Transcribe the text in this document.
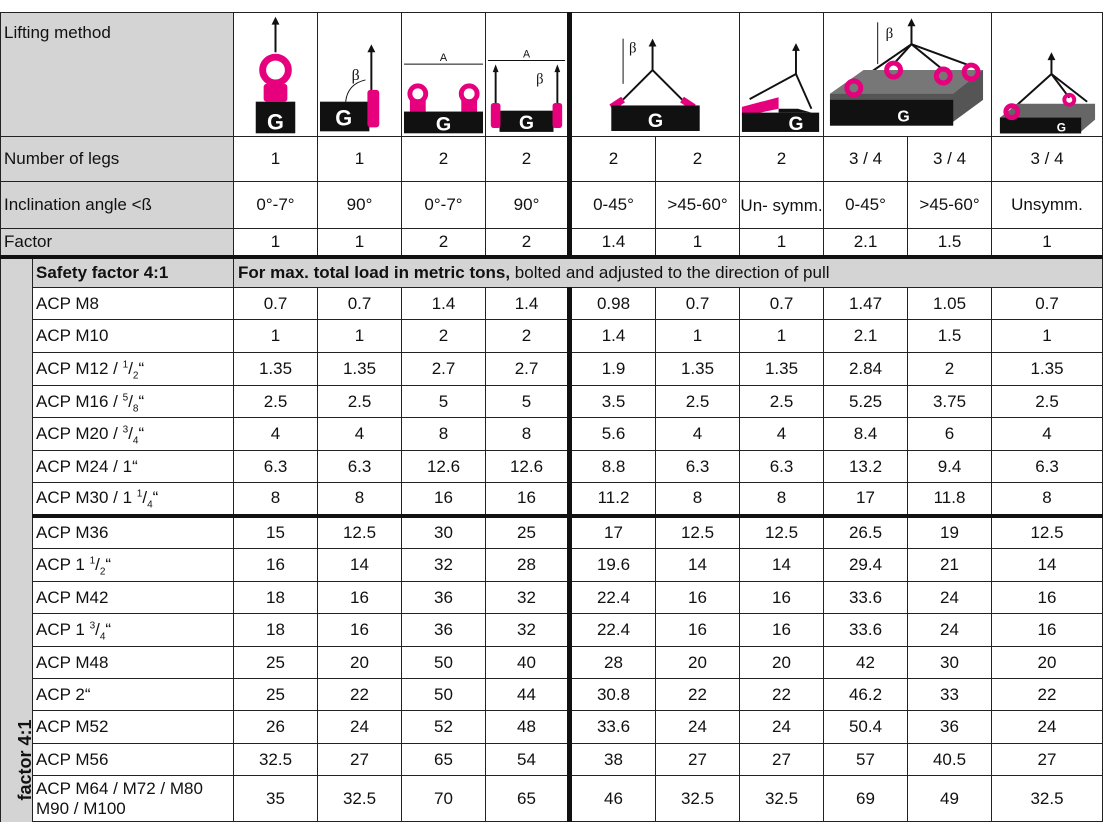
Lifting method		G	β
G	A
G	A
β
G	β
G		G	β
G		G

Number of legs		1	1	2	2	2	2	2	3 / 4	3 / 4	3 / 4
Inclination angle <ß		0°-7°	90°	0°-7°	90°	0-45°	>45-60°	Un- symm.	0-45°	>45-60°	Unsymm.
Factor		1	1	2	2	1.4	1	1	2.1	1.5	1

factor 4:1	Safety factor 4:1	For max. total load in metric tons, bolted and adjusted to the direction of pull									
	ACP M8	0.7	0.7	1.4	1.4	0.98	0.7	0.7	1.47	1.05	0.7
	ACP M10	1	1	2	2	1.4	1	1	2.1	1.5	1
	ACP $M12 / ^1/_2“$	1.35	1.35	2.7	2.7	1.9	1.35	1.35	2.84	2	1.35
	ACP $M16 / ^5/_8“$	2.5	2.5	5	5	3.5	2.5	2.5	5.25	3.75	2.5
	ACP $M20 / ^3/_4“$	4	4	8	8	5.6	4	4	8.4	6	4
	ACP M24 / 1“	6.3	6.3	12.6	12.6	8.8	6.3	6.3	13.2	9.4	6.3
	ACP M30 / 1 $^1/_4“$	8	8	16	16	11.2	8	8	17	11.8	8
	ACP M36	15	12.5	30	25	17	12.5	12.5	26.5	19	12.5
	ACP 1 $^1/_2“$	16	14	32	28	19.6	14	14	29.4	21	14
	ACP M42	18	16	36	32	22.4	16	16	33.6	24	16
	ACP 1 $^3/_4“$	18	16	36	32	22.4	16	16	33.6	24	16
	ACP M48	25	20	50	40	28	20	20	42	30	20
	ACP 2“	25	22	50	44	30.8	22	22	46.2	33	22
	ACP M52	26	24	52	48	33.6	24	24	50.4	36	24
	ACP M56	32.5	27	65	54	38	27	27	57	40.5	27
	ACP M64 / M72 / M80
M90 / M100	35	32.5	70	65	46	32.5	32.5	69	49	32.5
